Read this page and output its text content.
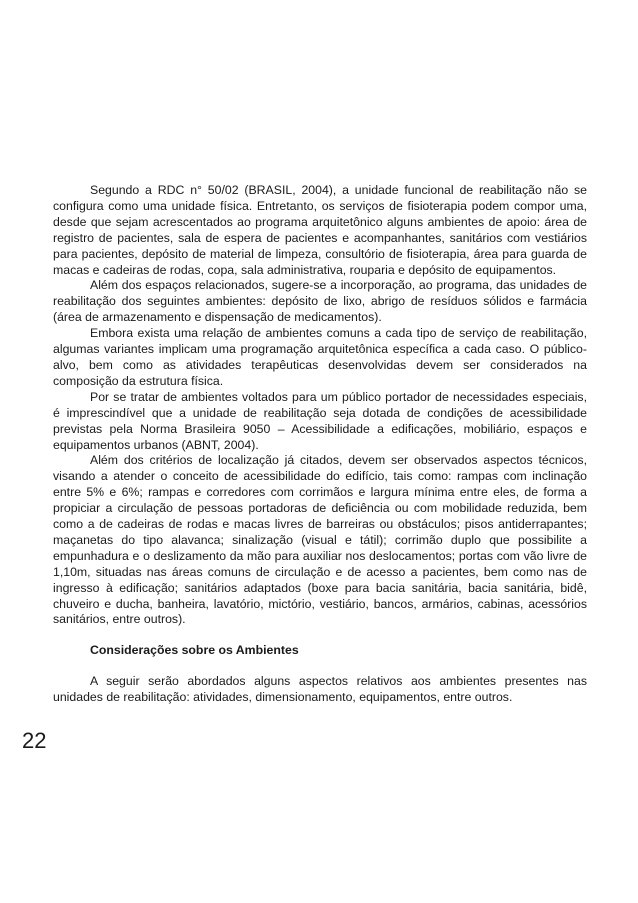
Segundo a RDC n° 50/02 (BRASIL, 2004), a unidade funcional de reabilitação não se configura como uma unidade física. Entretanto, os serviços de fisioterapia podem compor uma, desde que sejam acrescentados ao programa arquitetônico alguns ambientes de apoio: área de registro de pacientes, sala de espera de pacientes e acompanhantes, sanitários com vestiários para pacientes, depósito de material de limpeza, consultório de fisioterapia, área para guarda de macas e cadeiras de rodas, copa, sala administrativa, rouparia e depósito de equipamentos.

Além dos espaços relacionados, sugere-se a incorporação, ao programa, das unidades de reabilitação dos seguintes ambientes: depósito de lixo, abrigo de resíduos sólidos e farmácia (área de armazenamento e dispensação de medicamentos).

Embora exista uma relação de ambientes comuns a cada tipo de serviço de reabilitação, algumas variantes implicam uma programação arquitetônica específica a cada caso. O público-alvo, bem como as atividades terapêuticas desenvolvidas devem ser considerados na composição da estrutura física.

Por se tratar de ambientes voltados para um público portador de necessidades especiais, é imprescindível que a unidade de reabilitação seja dotada de condições de acessibilidade previstas pela Norma Brasileira 9050 – Acessibilidade a edificações, mobiliário, espaços e equipamentos urbanos (ABNT, 2004).

Além dos critérios de localização já citados, devem ser observados aspectos técnicos, visando a atender o conceito de acessibilidade do edifício, tais como: rampas com inclinação entre 5% e 6%; rampas e corredores com corrimãos e largura mínima entre eles, de forma a propiciar a circulação de pessoas portadoras de deficiência ou com mobilidade reduzida, bem como a de cadeiras de rodas e macas livres de barreiras ou obstáculos; pisos antiderrapantes; maçanetas do tipo alavanca; sinalização (visual e tátil); corrimão duplo que possibilite a empunhadura e o deslizamento da mão para auxiliar nos deslocamentos; portas com vão livre de 1,10m, situadas nas áreas comuns de circulação e de acesso a pacientes, bem como nas de ingresso à edificação; sanitários adaptados (boxe para bacia sanitária, bacia sanitária, bidê, chuveiro e ducha, banheira, lavatório, mictório, vestiário, bancos, armários, cabinas, acessórios sanitários, entre outros).

Considerações sobre os Ambientes

A seguir serão abordados alguns aspectos relativos aos ambientes presentes nas unidades de reabilitação: atividades, dimensionamento, equipamentos, entre outros.

22
